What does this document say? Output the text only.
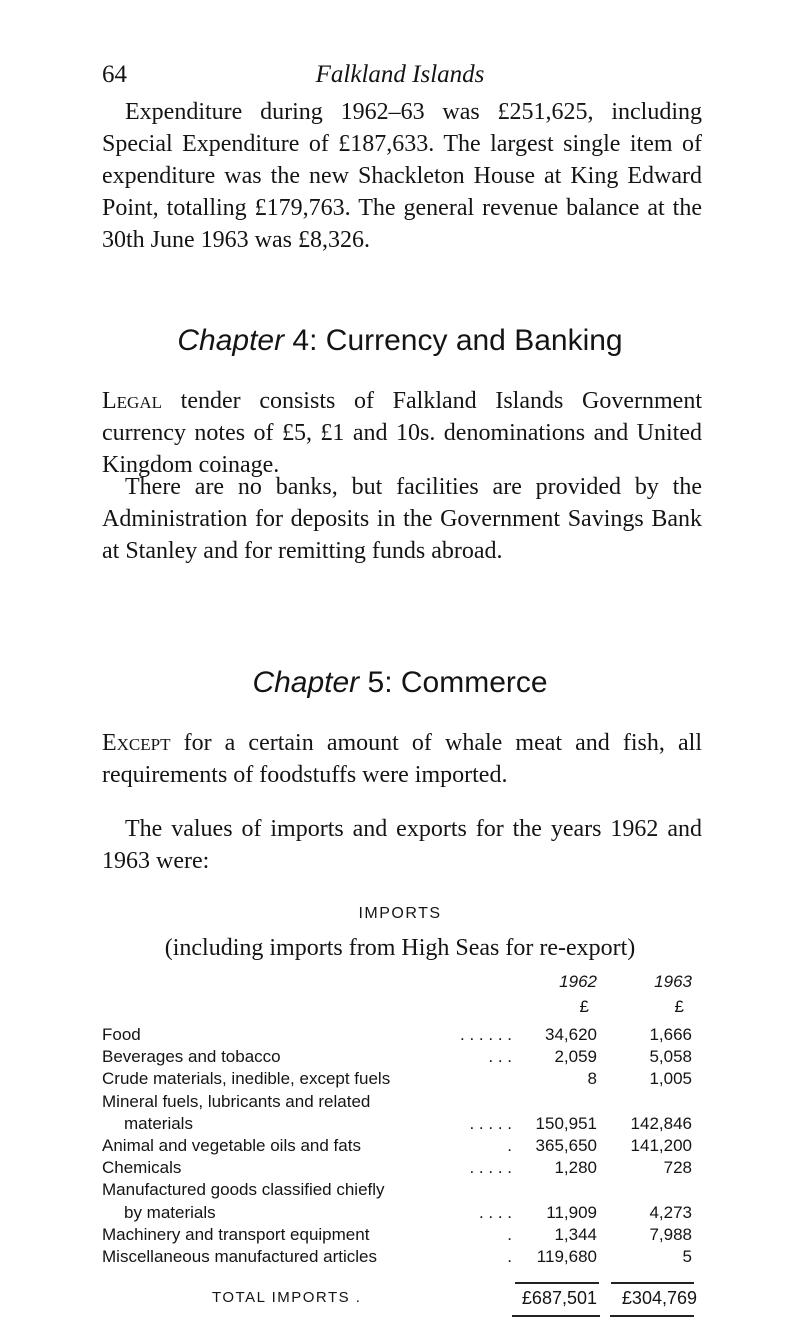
64	Falkland Islands

Expenditure during 1962–63 was £251,625, including Special Expenditure of £187,633. The largest single item of expenditure was the new Shackleton House at King Edward Point, totalling £179,763. The general revenue balance at the 30th June 1963 was £8,326.

Chapter 4: Currency and Banking

Legal tender consists of Falkland Islands Government currency notes of £5, £1 and 10s. denominations and United Kingdom coinage.

There are no banks, but facilities are provided by the Administration for deposits in the Government Savings Bank at Stanley and for remitting funds abroad.

Chapter 5: Commerce

Except for a certain amount of whale meat and fish, all requirements of foodstuffs were imported.

The values of imports and exports for the years 1962 and 1963 were:

IMPORTS
(including imports from High Seas for re-export)
1962	1963
£	£
Food	. . . . . .	34,620	1,666
Beverages and tobacco	. . .	2,059	5,058
Crude materials, inedible, except fuels	8	1,005
Mineral fuels, lubricants and related
materials	. . . . .	150,951	142,846
Animal and vegetable oils and fats	.	365,650	141,200
Chemicals	. . . . .	1,280	728
Manufactured goods classified chiefly
by materials	. . . .	11,909	4,273
Machinery and transport equipment	.	1,344	7,988
Miscellaneous manufactured articles	.	119,680	5
TOTAL IMPORTS .	£687,501	£304,769
